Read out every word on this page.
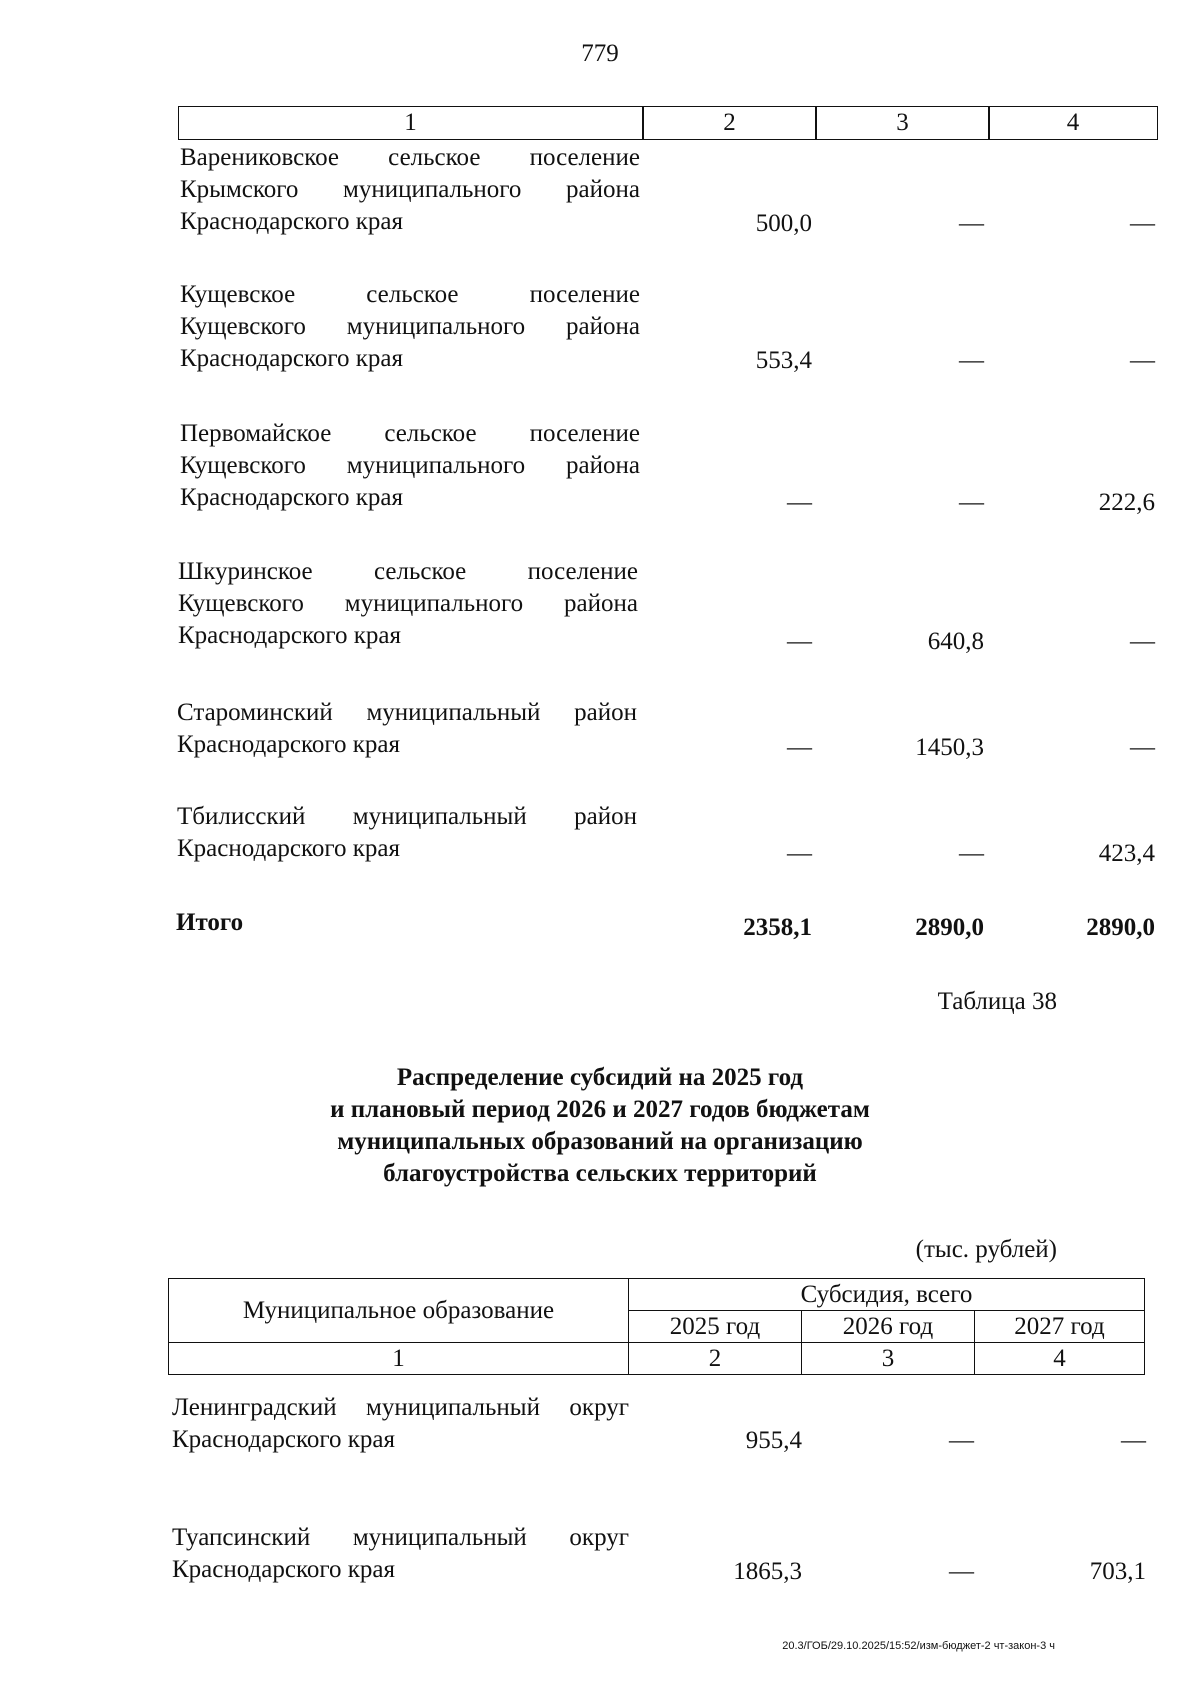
779
1	2	3	4
Варениковское сельское поселение Крымского муниципального района Краснодарского края	500,0	—	—
Кущевское сельское поселение Кущевского муниципального района Краснодарского края	553,4	—	—
Первомайское сельское поселение Кущевского муниципального района Краснодарского края	—	—	222,6
Шкуринское сельское поселение Кущевского муниципального района Краснодарского края	—	640,8	—
Староминский муниципальный район Краснодарского края	—	1450,3	—
Тбилисский муниципальный район Краснодарского края	—	—	423,4
Итого	2358,1	2890,0	2890,0
Таблица 38
Распределение субсидий на 2025 год
и плановый период 2026 и 2027 годов бюджетам
муниципальных образований на организацию
благоустройства сельских территорий
(тыс. рублей)
Муниципальное образование	Субсидия, всего		
	2025 год	2026 год	2027 год
1	2	3	4
Ленинградский муниципальный округ Краснодарского края	955,4	—	—
Туапсинский муниципальный округ Краснодарского края	1865,3	—	703,1
20.3/ГОБ/29.10.2025/15:52/изм-бюджет-2 чт-закон-3 ч
